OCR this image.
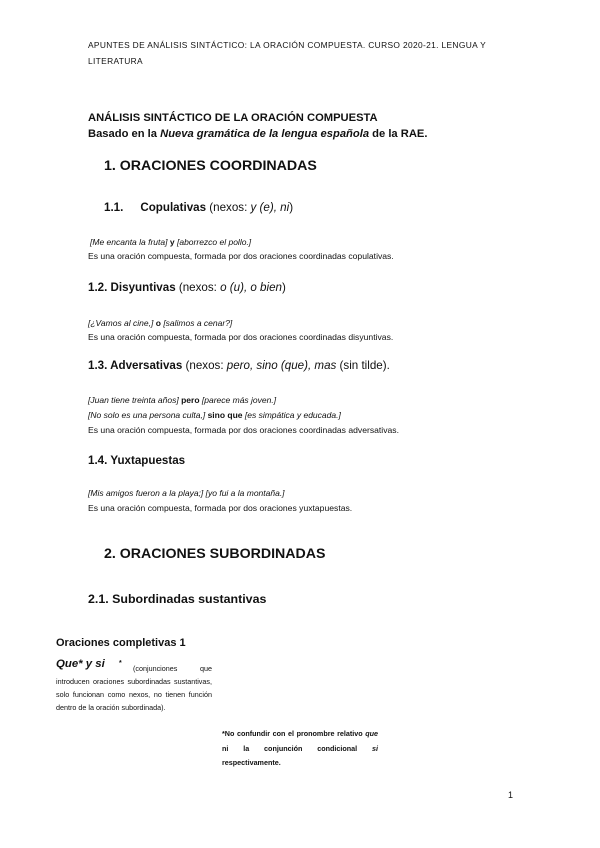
APUNTES DE ANÁLISIS SINTÁCTICO: LA ORACIÓN COMPUESTA. CURSO 2020-21. LENGUA Y
LITERATURA
ANÁLISIS SINTÁCTICO DE LA ORACIÓN COMPUESTA
Basado en la Nueva gramática de la lengua española de la RAE.
1. ORACIONES COORDINADAS
1.1. Copulativas (nexos: y (e), ni)
[Me encanta la fruta] y [aborrezco el pollo.]
Es una oración compuesta, formada por dos oraciones coordinadas copulativas.
1.2. Disyuntivas (nexos: o (u), o bien)
[¿Vamos al cine,] o [salimos a cenar?]
Es una oración compuesta, formada por dos oraciones coordinadas disyuntivas.
1.3. Adversativas (nexos: pero, sino (que), mas (sin tilde).
[Juan tiene treinta años] pero [parece más joven.]
[No solo es una persona culta,] sino que [es simpática y educada.]
Es una oración compuesta, formada por dos oraciones coordinadas adversativas.
1.4. Yuxtapuestas
[Mis amigos fueron a la playa;] [yo fui a la montaña.]
Es una oración compuesta, formada por dos oraciones yuxtapuestas.
2. ORACIONES SUBORDINADAS
2.1. Subordinadas sustantivas
Oraciones completivas 1
Que* y si *
(conjunciones que introducen oraciones subordinadas sustantivas, solo funcionan como nexos, no tienen función dentro de la oración subordinada).
*No confundir con el pronombre relativo que ni la conjunción condicional si respectivamente.
1
